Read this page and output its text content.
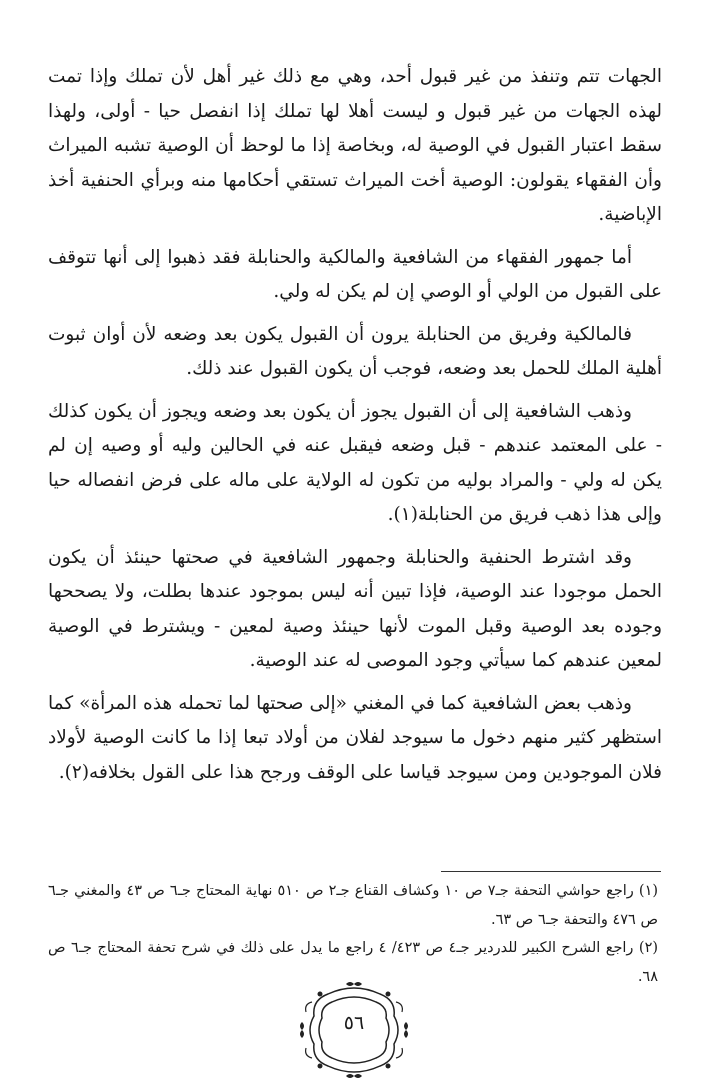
الجهات تتم وتنفذ من غير قبول أحد، وهي مع ذلك غير أهل لأن تملك وإذا تمت لهذه الجهات من غير قبول و ليست أهلا لها تملك إذا انفصل حيا - أولى، ولهذا سقط اعتبار القبول في الوصية له، وبخاصة إذا ما لوحظ أن الوصية تشبه الميراث وأن الفقهاء يقولون: الوصية أخت الميراث تستقي أحكامها منه وبرأي الحنفية أخذ الإباضية.

أما جمهور الفقهاء من الشافعية والمالكية والحنابلة فقد ذهبوا إلى أنها تتوقف على القبول من الولي أو الوصي إن لم يكن له ولي.

فالمالكية وفريق من الحنابلة يرون أن القبول يكون بعد وضعه لأن أوان ثبوت أهلية الملك للحمل بعد وضعه، فوجب أن يكون القبول عند ذلك.

وذهب الشافعية إلى أن القبول يجوز أن يكون بعد وضعه ويجوز أن يكون كذلك - على المعتمد عندهم - قبل وضعه فيقبل عنه في الحالين وليه أو وصيه إن لم يكن له ولي - والمراد بوليه من تكون له الولاية على ماله على فرض انفصاله حيا وإلى هذا ذهب فريق من الحنابلة(١).

وقد اشترط الحنفية والحنابلة وجمهور الشافعية في صحتها حينئذ أن يكون الحمل موجودا عند الوصية، فإذا تبين أنه ليس بموجود عندها بطلت، ولا يصححها وجوده بعد الوصية وقبل الموت لأنها حينئذ وصية لمعين - ويشترط في الوصية لمعين عندهم كما سيأتي وجود الموصى له عند الوصية.

وذهب بعض الشافعية كما في المغني «إلى صحتها لما تحمله هذه المرأة» كما استظهر كثير منهم دخول ما سيوجد لفلان من أولاد تبعا إذا ما كانت الوصية لأولاد فلان الموجودين ومن سيوجد قياسا على الوقف ورجح هذا على القول بخلافه(٢).

(١) راجع حواشي التحفة جـ٧ ص ١٠ وكشاف القناع جـ٢ ص ٥١٠ نهاية المحتاج جـ٦ ص ٤٣ والمغني جـ٦ ص ٤٧٦ والتحفة جـ٦ ص ٦٣.

(٢) راجع الشرح الكبير للدردير جـ٤ ص ٤٢٣/ ٤ راجع ما يدل على ذلك في شرح تحفة المحتاج جـ٦ ص ٦٨.

٥٦
